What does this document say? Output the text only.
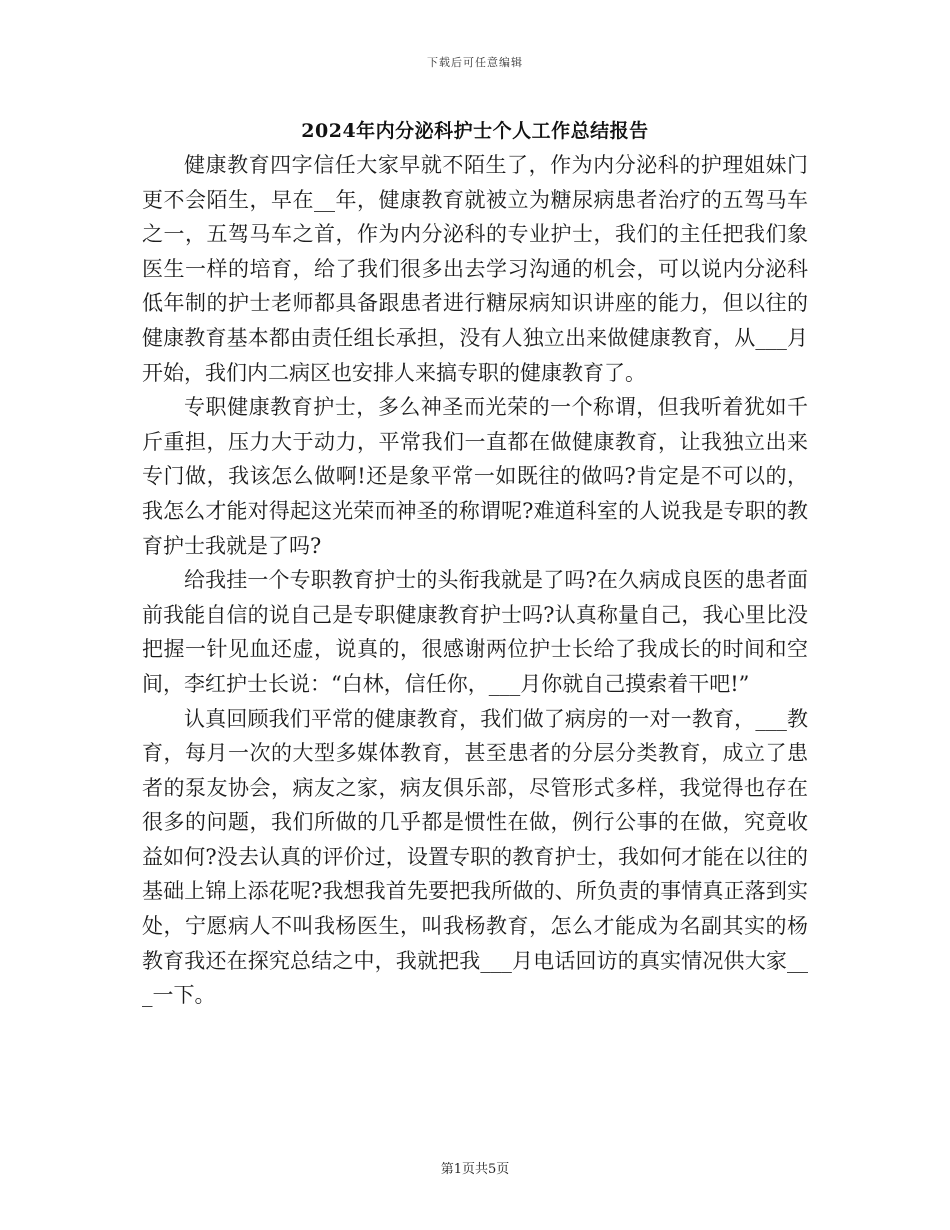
下载后可任意编辑
2024年内分泌科护士个人工作总结报告

健康教育四字信任大家早就不陌生了，作为内分泌科的护理姐妹门更不会陌生，早在__年，健康教育就被立为糖尿病患者治疗的五驾马车之一，五驾马车之首，作为内分泌科的专业护士，我们的主任把我们象医生一样的培育，给了我们很多出去学习沟通的机会，可以说内分泌科低年制的护士老师都具备跟患者进行糖尿病知识讲座的能力，但以往的健康教育基本都由责任组长承担，没有人独立出来做健康教育，从___月开始，我们内二病区也安排人来搞专职的健康教育了。

专职健康教育护士，多么神圣而光荣的一个称谓，但我听着犹如千斤重担，压力大于动力，平常我们一直都在做健康教育，让我独立出来专门做，我该怎么做啊!还是象平常一如既往的做吗?肯定是不可以的，我怎么才能对得起这光荣而神圣的称谓呢?难道科室的人说我是专职的教育护士我就是了吗?

给我挂一个专职教育护士的头衔我就是了吗?在久病成良医的患者面前我能自信的说自己是专职健康教育护士吗?认真称量自己，我心里比没把握一针见血还虚，说真的，很感谢两位护士长给了我成长的时间和空间，李红护士长说：“白林，信任你，___月你就自己摸索着干吧!”

认真回顾我们平常的健康教育，我们做了病房的一对一教育，___教育，每月一次的大型多媒体教育，甚至患者的分层分类教育，成立了患者的泵友协会，病友之家，病友俱乐部，尽管形式多样，我觉得也存在很多的问题，我们所做的几乎都是惯性在做，例行公事的在做，究竟收益如何?没去认真的评价过，设置专职的教育护士，我如何才能在以往的基础上锦上添花呢?我想我首先要把我所做的、所负责的事情真正落到实处，宁愿病人不叫我杨医生，叫我杨教育，怎么才能成为名副其实的杨教育我还在探究总结之中，我就把我___月电话回访的真实情况供大家___一下。

第1页共5页
